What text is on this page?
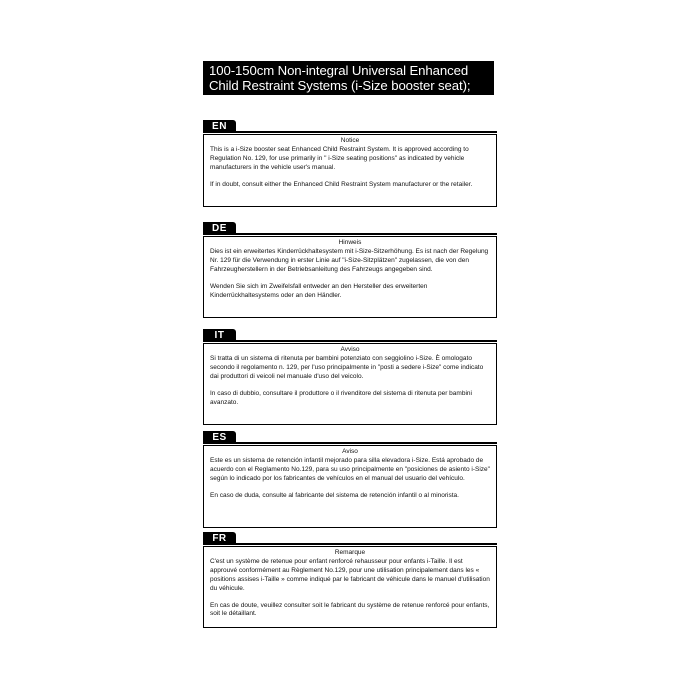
100-150cm Non-integral Universal Enhanced
Child Restraint Systems (i-Size booster seat);
EN
Notice

This is a i-Size booster seat Enhanced Child Restraint System. It is approved according to Regulation No. 129, for use primarily in " i-Size seating positions" as indicated by vehicle manufacturers in the vehicle user's manual.

If in doubt, consult either the Enhanced Child Restraint System manufacturer or the retailer.

DE
Hinweis

Dies ist ein erweitertes Kinderrückhaltesystem mit i-Size-Sitzerhöhung. Es ist nach der Regelung Nr. 129 für die Verwendung in erster Linie auf "i-Size-Sitzplätzen" zugelassen, die von den Fahrzeugherstellern in der Betriebsanleitung des Fahrzeugs angegeben sind.

Wenden Sie sich im Zweifelsfall entweder an den Hersteller des erweiterten Kinderrückhaltesystems oder an den Händler.

IT
Avviso

Si tratta di un sistema di ritenuta per bambini potenziato con seggiolino i-Size. È omologato secondo il regolamento n. 129, per l'uso principalmente in "posti a sedere i-Size" come indicato dai produttori di veicoli nel manuale d'uso del veicolo.

In caso di dubbio, consultare il produttore o il rivenditore del sistema di ritenuta per bambini avanzato.

ES
Aviso

Este es un sistema de retención infantil mejorado para silla elevadora i-Size. Está aprobado de acuerdo con el Reglamento No.129, para su uso principalmente en "posiciones de asiento i-Size" según lo indicado por los fabricantes de vehículos en el manual del usuario del vehículo.

En caso de duda, consulte al fabricante del sistema de retención infantil o al minorista.

FR
Remarque

C'est un système de retenue pour enfant renforcé rehausseur pour enfants i-Taille. Il est approuvé conformément au Règlement No.129, pour une utilisation principalement dans les « positions assises i-Taille » comme indiqué par le fabricant de véhicule dans le manuel d'utilisation du véhicule.

En cas de doute, veuillez consulter soit le fabricant du système de retenue renforcé pour enfants, soit le détaillant.
